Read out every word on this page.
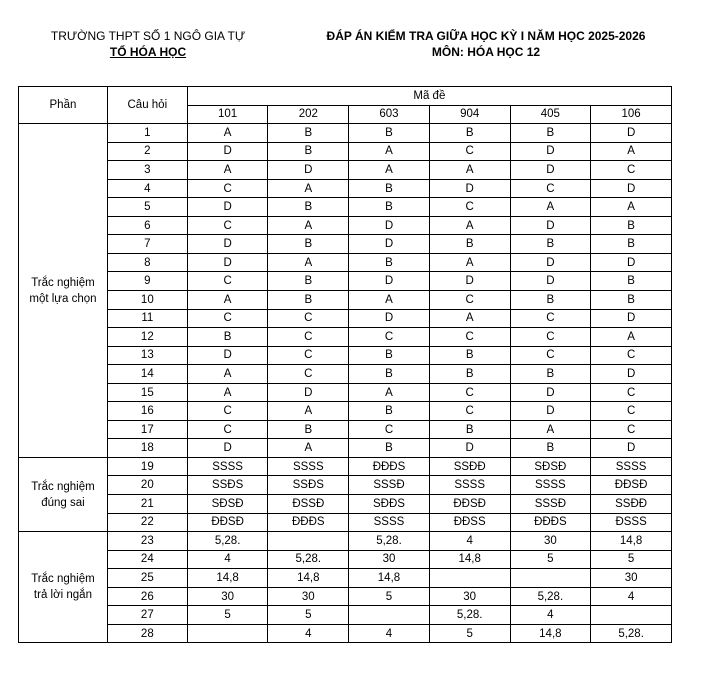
TRƯỜNG THPT SỐ 1 NGÔ GIA TỰ
TỔ HÓA HỌC
ĐÁP ÁN KIỂM TRA GIỮA HỌC KỲ I NĂM HỌC 2025-2026
MÔN: HÓA HỌC 12
Phần	Câu hỏi	Mã đề					
		101	202	603	904	405	106

Trắc nghiệm
một lựa chọn	1	A	B	B	B	B	D
	2	D	B	A	C	D	A
	3	A	D	A	A	D	C
	4	C	A	B	D	C	D
	5	D	B	B	C	A	A
	6	C	A	D	A	D	B
	7	D	B	D	B	B	B
	8	D	A	B	A	D	D
	9	C	B	D	D	D	B
	10	A	B	A	C	B	B
	11	C	C	D	A	C	D
	12	B	C	C	C	C	A
	13	D	C	B	B	C	C
	14	A	C	B	B	B	D
	15	A	D	A	C	D	C
	16	C	A	B	C	D	C
	17	C	B	C	B	A	C
	18	D	A	B	D	B	D

Trắc nghiệm
đúng sai	19	SSSS	SSSS	ĐĐĐS	SSĐĐ	SĐSĐ	SSSS
	20	SSĐS	SSĐS	SSSĐ	SSSS	SSSS	ĐĐSĐ
	21	SĐSĐ	ĐSSĐ	SĐĐS	ĐĐSĐ	SSSĐ	SSĐĐ
	22	ĐĐSĐ	ĐĐĐS	SSSS	ĐĐSS	ĐĐĐS	ĐSSS

Trắc nghiệm
trả lời ngắn	23	5,28.		5,28.	4	30	14,8
	24	4	5,28.	30	14,8	5	5
	25	14,8	14,8	14,8			30
	26	30	30	5	30	5,28.	4
	27	5	5		5,28.	4	
	28		4	4	5	14,8	5,28.
